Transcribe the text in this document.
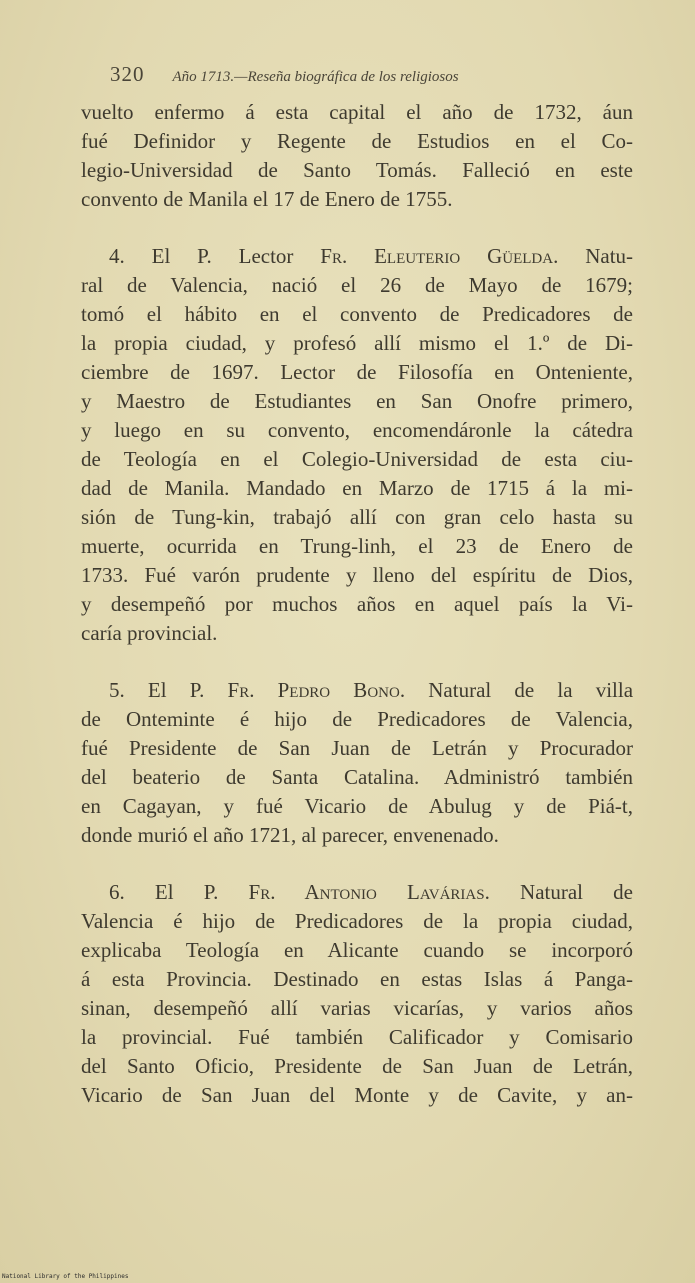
320 Año 1713.—Reseña biográfica de los religiosos
vuelto enfermo á esta capital el año de 1732, áun
fué Definidor y Regente de Estudios en el Co-
legio-Universidad de Santo Tomás. Falleció en este
convento de Manila el 17 de Enero de 1755.
4. El P. Lector Fr. Eleuterio Güelda. Natu-
ral de Valencia, nació el 26 de Mayo de 1679;
tomó el hábito en el convento de Predicadores de
la propia ciudad, y profesó allí mismo el 1.º de Di-
ciembre de 1697. Lector de Filosofía en Onteniente,
y Maestro de Estudiantes en San Onofre primero,
y luego en su convento, encomendáronle la cátedra
de Teología en el Colegio-Universidad de esta ciu-
dad de Manila. Mandado en Marzo de 1715 á la mi-
sión de Tung-kin, trabajó allí con gran celo hasta su
muerte, ocurrida en Trung-linh, el 23 de Enero de
1733. Fué varón prudente y lleno del espíritu de Dios,
y desempeñó por muchos años en aquel país la Vi-
caría provincial.
5. El P. Fr. Pedro Bono. Natural de la villa
de Onteminte é hijo de Predicadores de Valencia,
fué Presidente de San Juan de Letrán y Procurador
del beaterio de Santa Catalina. Administró también
en Cagayan, y fué Vicario de Abulug y de Piá-t,
donde murió el año 1721, al parecer, envenenado.
6. El P. Fr. Antonio Lavárias. Natural de
Valencia é hijo de Predicadores de la propia ciudad,
explicaba Teología en Alicante cuando se incorporó
á esta Provincia. Destinado en estas Islas á Panga-
sinan, desempeñó allí varias vicarías, y varios años
la provincial. Fué también Calificador y Comisario
del Santo Oficio, Presidente de San Juan de Letrán,
Vicario de San Juan del Monte y de Cavite, y an-
National Library of the Philippines
